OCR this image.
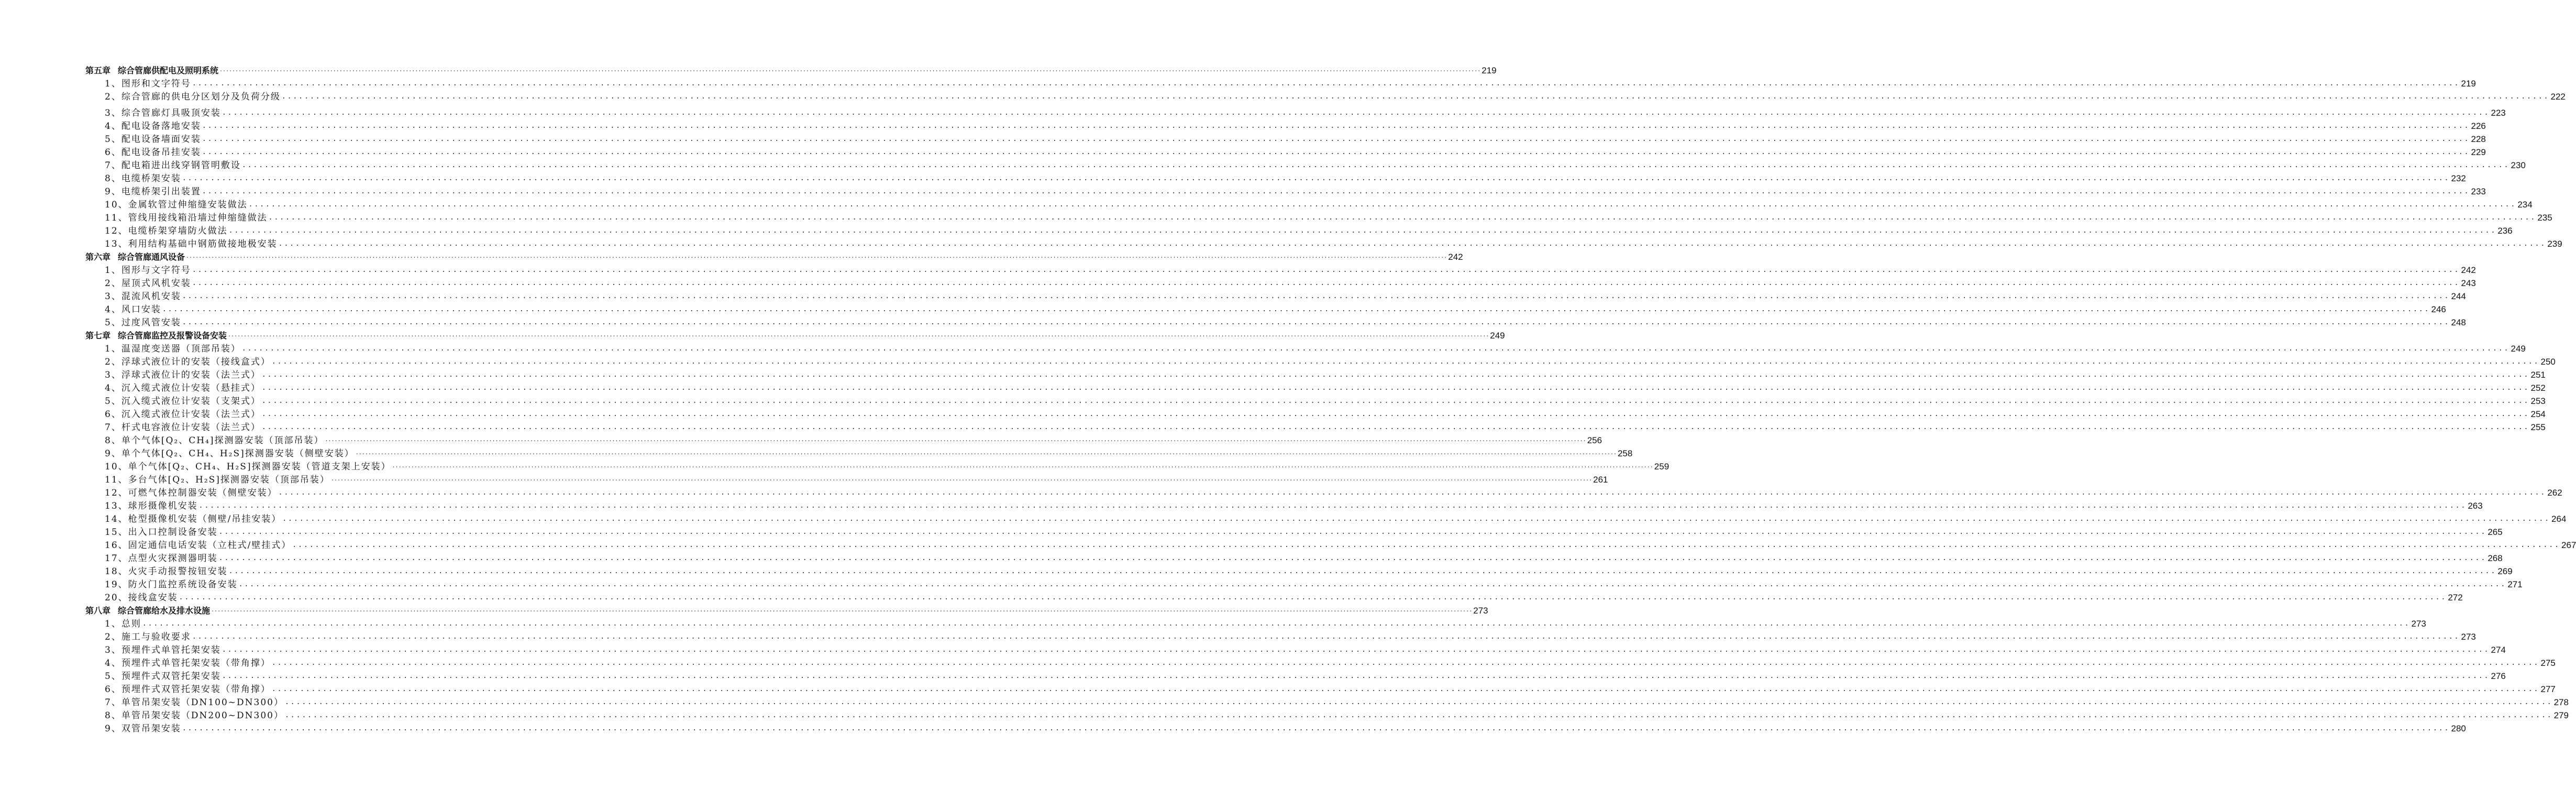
第五章 综合管廊供配电及照明系统 ................................................................................................................................................................................................................................................................................................................................................................................................................ 219
1、图形和文字符号 ................................................................................................................................................................................................................................................................................................................................................................................................................ 219
2、综合管廊的供电分区划分及负荷分级 ................................................................................................................................................................................................................................................................................................................................................................................................................ 222
3、综合管廊灯具吸顶安装 ................................................................................................................................................................................................................................................................................................................................................................................................................ 223
4、配电设备落地安装 ................................................................................................................................................................................................................................................................................................................................................................................................................ 226
5、配电设备墙面安装 ................................................................................................................................................................................................................................................................................................................................................................................................................ 228
6、配电设备吊挂安装 ................................................................................................................................................................................................................................................................................................................................................................................................................ 229
7、配电箱进出线穿钢管明敷设 ................................................................................................................................................................................................................................................................................................................................................................................................................ 230
8、电缆桥架安装 ................................................................................................................................................................................................................................................................................................................................................................................................................ 232
9、电缆桥架引出装置 ................................................................................................................................................................................................................................................................................................................................................................................................................ 233
10、金属软管过伸缩缝安装做法 ................................................................................................................................................................................................................................................................................................................................................................................................................ 234
11、管线用接线箱沿墙过伸缩缝做法 ................................................................................................................................................................................................................................................................................................................................................................................................................ 235
12、电缆桥架穿墙防火做法 ................................................................................................................................................................................................................................................................................................................................................................................................................ 236
13、利用结构基础中钢筋做接地极安装 ................................................................................................................................................................................................................................................................................................................................................................................................................ 239
第六章 综合管廊通风设备 ................................................................................................................................................................................................................................................................................................................................................................................................................ 242
1、图形与文字符号 ................................................................................................................................................................................................................................................................................................................................................................................................................ 242
2、屋顶式风机安装 ................................................................................................................................................................................................................................................................................................................................................................................................................ 243
3、混流风机安装 ................................................................................................................................................................................................................................................................................................................................................................................................................ 244
4、风口安装 ................................................................................................................................................................................................................................................................................................................................................................................................................ 246
5、过度风管安装 ................................................................................................................................................................................................................................................................................................................................................................................................................ 248
第七章 综合管廊监控及报警设备安装 ................................................................................................................................................................................................................................................................................................................................................................................................................ 249
1、温湿度变送器（顶部吊装） ................................................................................................................................................................................................................................................................................................................................................................................................................ 249
2、浮球式液位计的安装（接线盒式） ................................................................................................................................................................................................................................................................................................................................................................................................................ 250
3、浮球式液位计的安装（法兰式） ................................................................................................................................................................................................................................................................................................................................................................................................................ 251
4、沉入缆式液位计安装（悬挂式） ................................................................................................................................................................................................................................................................................................................................................................................................................ 252
5、沉入缆式液位计安装（支架式） ................................................................................................................................................................................................................................................................................................................................................................................................................ 253
6、沉入缆式液位计安装（法兰式） ................................................................................................................................................................................................................................................................................................................................................................................................................ 254
7、杆式电容液位计安装（法兰式） ................................................................................................................................................................................................................................................................................................................................................................................................................ 255
8、单个气体[Q₂、CH₄]探测器安装（顶部吊装） ................................................................................................................................................................................................................................................................................................................................................................................................................ 256
9、单个气体[Q₂、CH₄、H₂S]探测器安装（侧壁安装） ................................................................................................................................................................................................................................................................................................................................................................................................................ 258
10、单个气体[Q₂、CH₄、H₂S]探测器安装（管道支架上安装） ................................................................................................................................................................................................................................................................................................................................................................................................................ 259
11、多台气体[Q₂、H₂S]探测器安装（顶部吊装） ................................................................................................................................................................................................................................................................................................................................................................................................................ 261
12、可燃气体控制器安装（侧壁安装） ................................................................................................................................................................................................................................................................................................................................................................................................................ 262
13、球形摄像机安装 ................................................................................................................................................................................................................................................................................................................................................................................................................ 263
14、枪型摄像机安装（侧壁/吊挂安装） ................................................................................................................................................................................................................................................................................................................................................................................................................ 264
15、出入口控制设备安装 ................................................................................................................................................................................................................................................................................................................................................................................................................ 265
16、固定通信电话安装（立柱式/壁挂式） ................................................................................................................................................................................................................................................................................................................................................................................................................ 267
17、点型火灾探测器明装 ................................................................................................................................................................................................................................................................................................................................................................................................................ 268
18、火灾手动报警按钮安装 ................................................................................................................................................................................................................................................................................................................................................................................................................ 269
19、防火门监控系统设备安装 ................................................................................................................................................................................................................................................................................................................................................................................................................ 271
20、接线盒安装 ................................................................................................................................................................................................................................................................................................................................................................................................................ 272
第八章 综合管廊给水及排水设施 ................................................................................................................................................................................................................................................................................................................................................................................................................ 273
1、总则 ................................................................................................................................................................................................................................................................................................................................................................................................................ 273
2、施工与验收要求 ................................................................................................................................................................................................................................................................................................................................................................................................................ 273
3、预埋件式单管托架安装 ................................................................................................................................................................................................................................................................................................................................................................................................................ 274
4、预埋件式单管托架安装（带角撑） ................................................................................................................................................................................................................................................................................................................................................................................................................ 275
5、预埋件式双管托架安装 ................................................................................................................................................................................................................................................................................................................................................................................................................ 276
6、预埋件式双管托架安装（带角撑） ................................................................................................................................................................................................................................................................................................................................................................................................................ 277
7、单管吊架安装（DN100~DN300） ................................................................................................................................................................................................................................................................................................................................................................................................................ 278
8、单管吊架安装（DN200~DN300） ................................................................................................................................................................................................................................................................................................................................................................................................................ 279
9、双管吊架安装 ................................................................................................................................................................................................................................................................................................................................................................................................................ 280
